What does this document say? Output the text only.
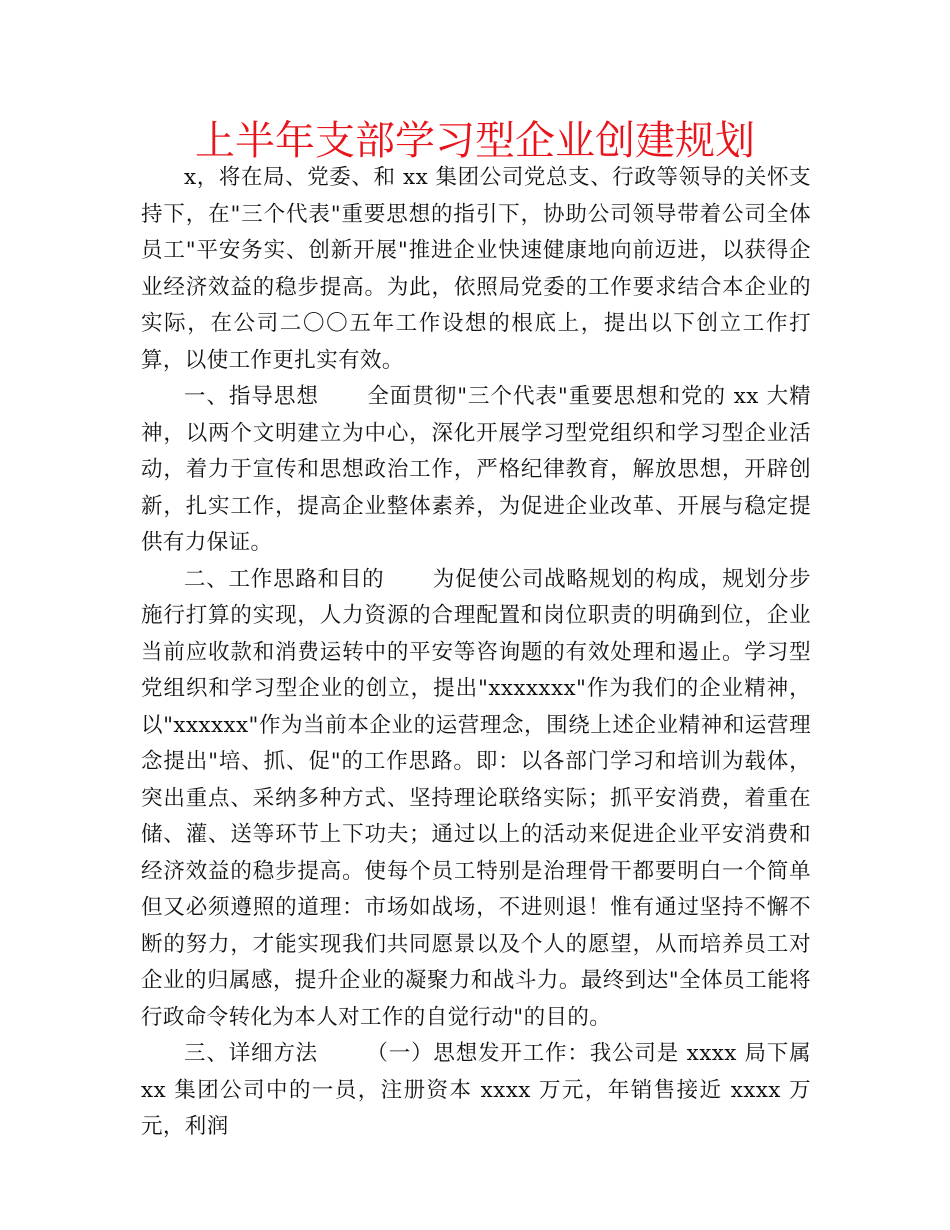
上半年支部学习型企业创建规划

x，将在局、党委、和 xx 集团公司党总支、行政等领导的关怀支持下，在"三个代表"重要思想的指引下，协助公司领导带着公司全体员工"平安务实、创新开展"推进企业快速健康地向前迈进，以获得企业经济效益的稳步提高。为此，依照局党委的工作要求结合本企业的实际，在公司二〇〇五年工作设想的根底上，提出以下创立工作打算，以使工作更扎实有效。

一、指导思想 全面贯彻"三个代表"重要思想和党的 xx 大精神，以两个文明建立为中心，深化开展学习型党组织和学习型企业活动，着力于宣传和思想政治工作，严格纪律教育，解放思想，开辟创新，扎实工作，提高企业整体素养，为促进企业改革、开展与稳定提供有力保证。

二、工作思路和目的 为促使公司战略规划的构成，规划分步施行打算的实现，人力资源的合理配置和岗位职责的明确到位，企业当前应收款和消费运转中的平安等咨询题的有效处理和遏止。学习型党组织和学习型企业的创立，提出"xxxxxxx"作为我们的企业精神，以"xxxxxx"作为当前本企业的运营理念，围绕上述企业精神和运营理念提出"培、抓、促"的工作思路。即：以各部门学习和培训为载体，突出重点、采纳多种方式、坚持理论联络实际；抓平安消费，着重在储、灌、送等环节上下功夫；通过以上的活动来促进企业平安消费和经济效益的稳步提高。使每个员工特别是治理骨干都要明白一个简单但又必须遵照的道理：市场如战场，不进则退！惟有通过坚持不懈不断的努力，才能实现我们共同愿景以及个人的愿望，从而培养员工对企业的归属感，提升企业的凝聚力和战斗力。最终到达"全体员工能将行政命令转化为本人对工作的自觉行动"的目的。

三、详细方法 （一）思想发开工作：我公司是 xxxx 局下属 xx 集团公司中的一员，注册资本 xxxx 万元，年销售接近 xxxx 万元，利润
